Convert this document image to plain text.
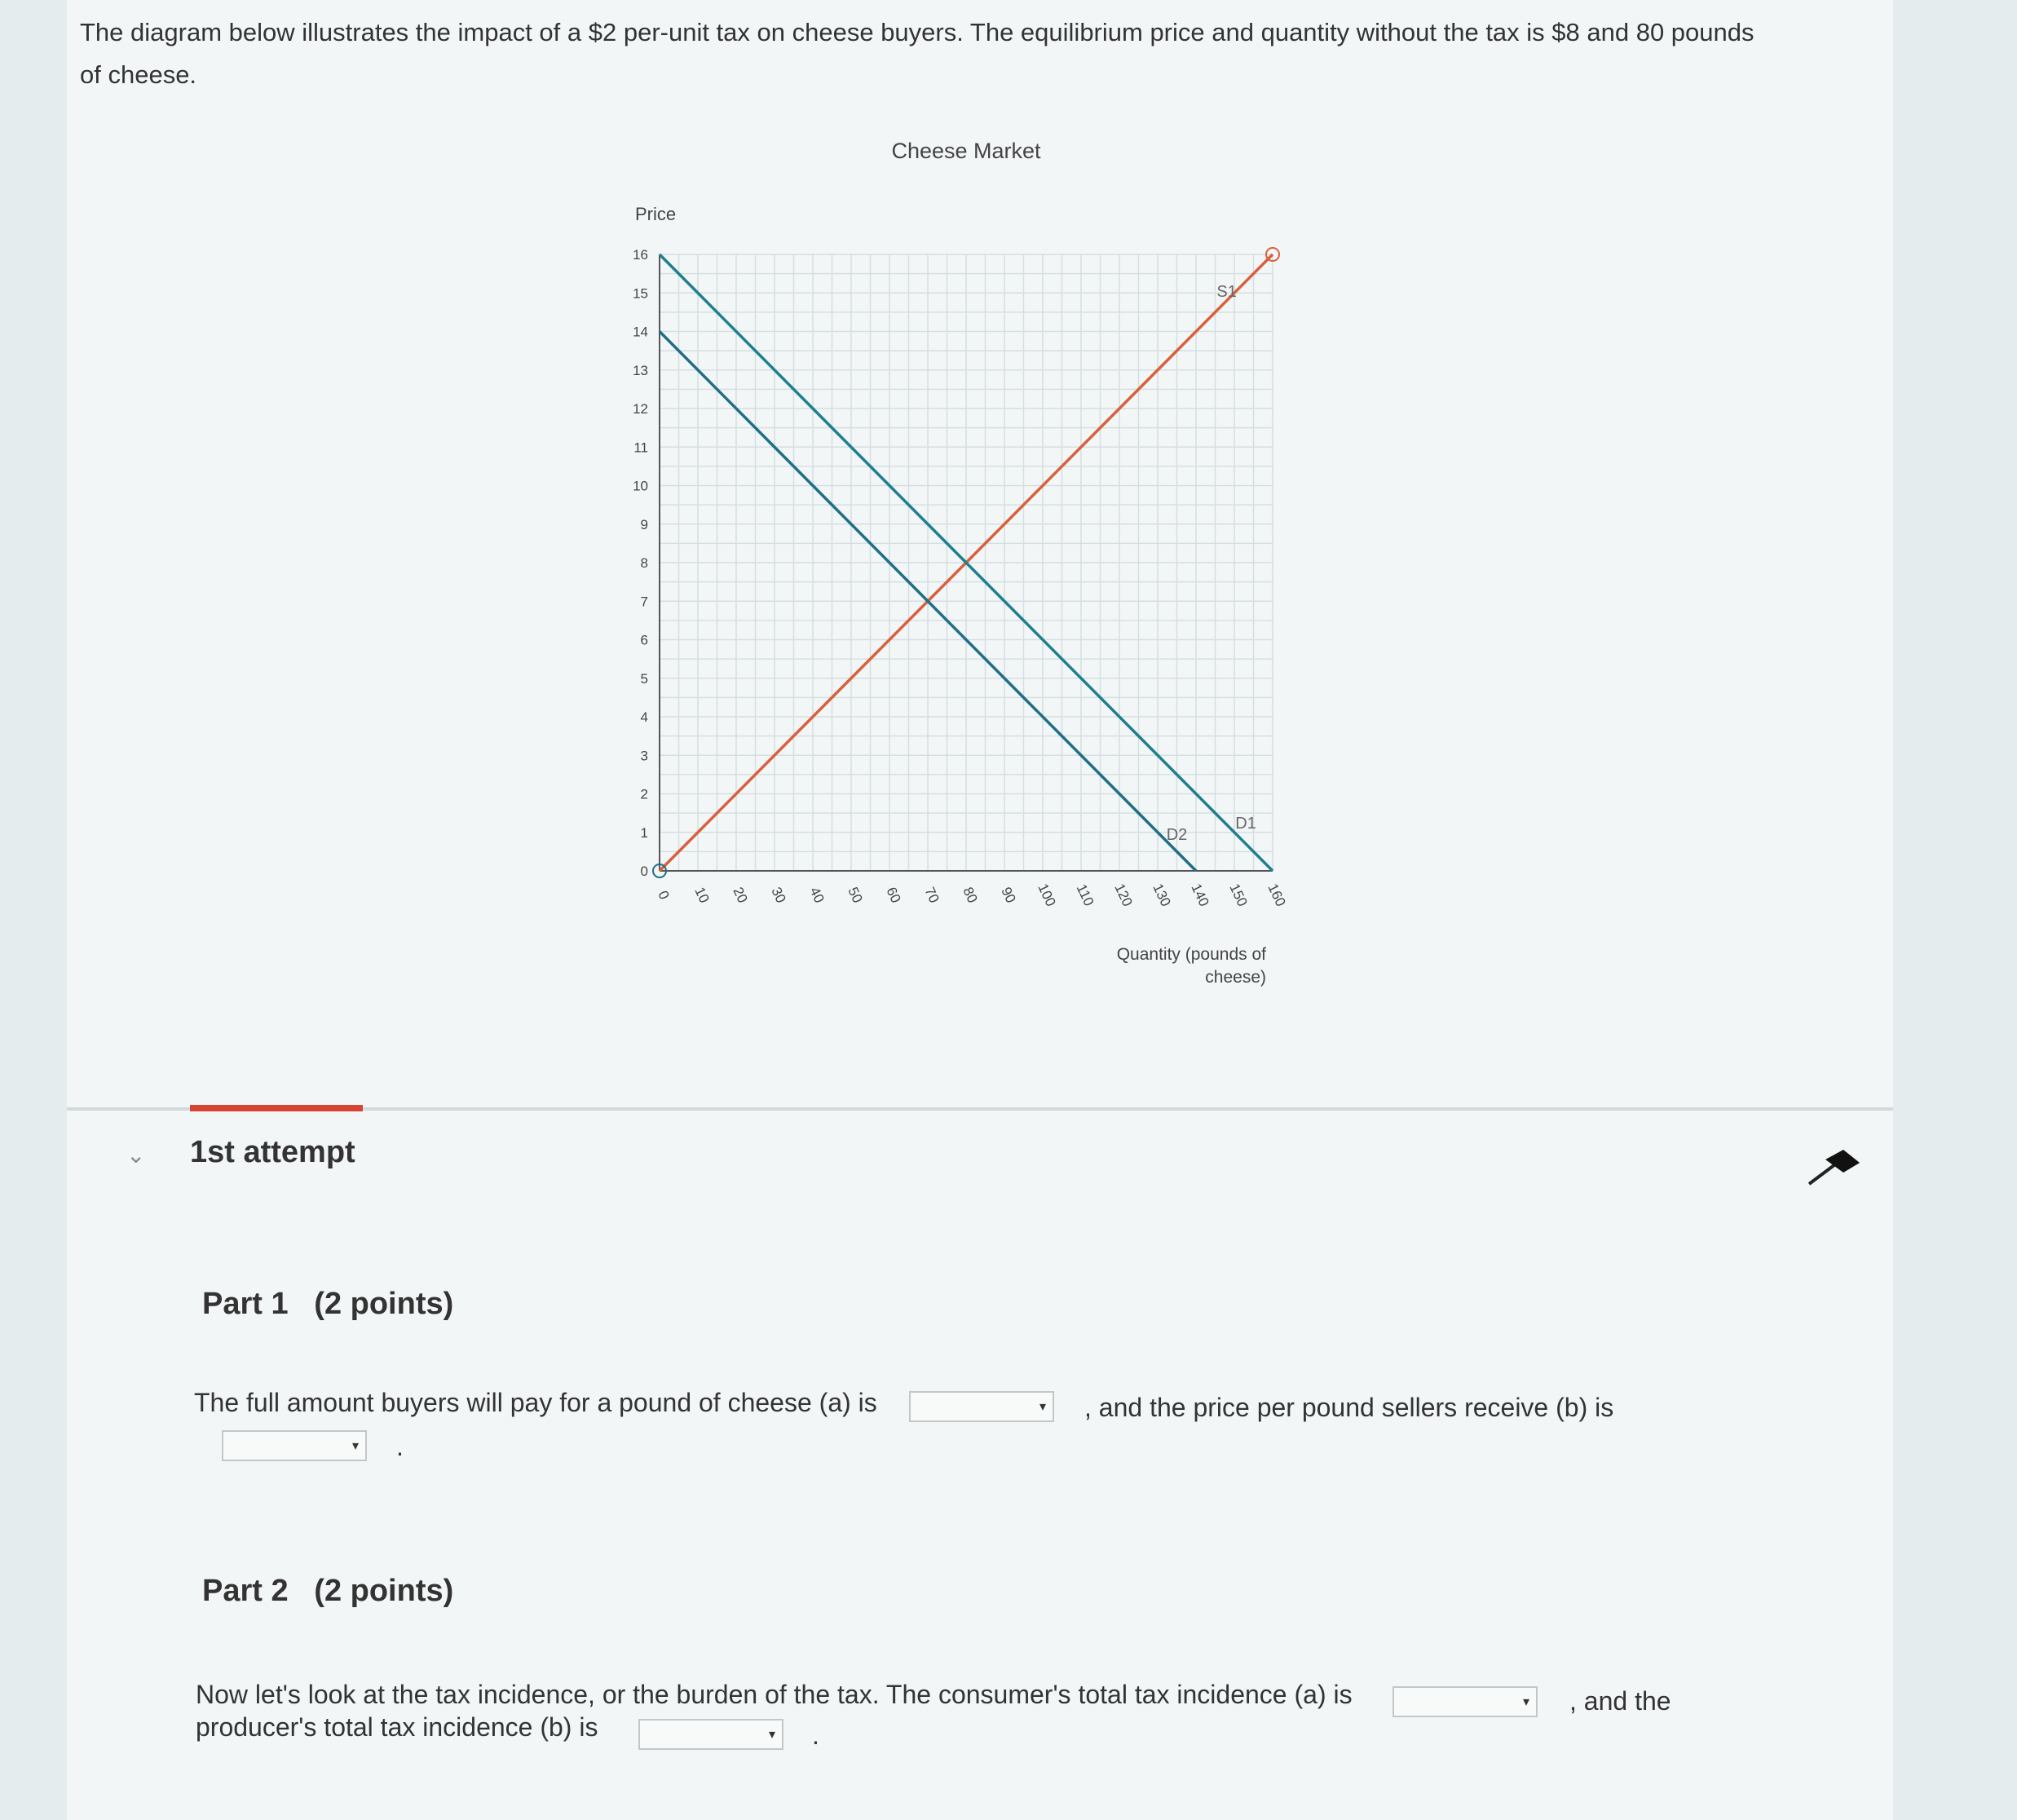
The diagram below illustrates the impact of a $2 per-unit tax on cheese buyers. The equilibrium price and quantity without the tax is $8 and 80 pounds of cheese.
0
1
2
3
4
5
6
7
8
9
10
11
12
13
14
15
16
0 10 20 30 40 50 60 70 80 90 100 110 120 130 140 150 160
Cheese Market
Price
Quantity (pounds of
cheese)
S1
D1
D2
⌄ 1st attempt
Part 1   (2 points)
The full amount buyers will pay for a pound of cheese (a) is	▾ , and the price per pound sellers receive (b) is
▾ .
Part 2   (2 points)
Now let's look at the tax incidence, or the burden of the tax. The consumer's total tax incidence (a) is	▾ , and the
producer's total tax incidence (b) is	▾ .
